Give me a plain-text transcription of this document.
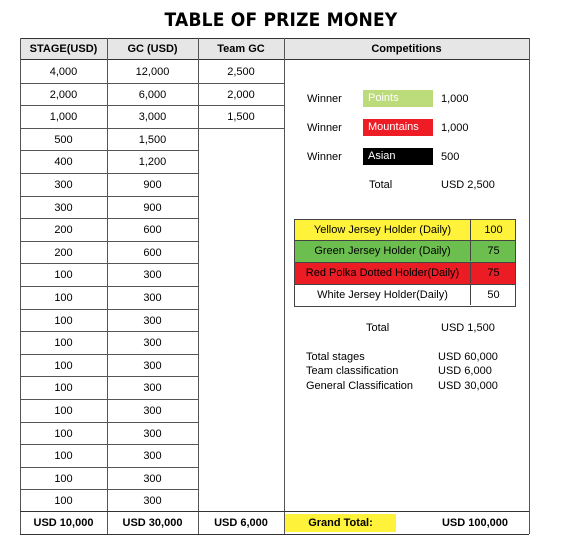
TABLE OF PRIZE MONEY
STAGE(USD)	GC (USD)	Team GC	Competitions
4,000	12,000	2,500
2,000	6,000	2,000
1,000	3,000	1,500
500	1,500
400	1,200
300	900
300	900
200	600
200	600
100	300
100	300
100	300
100	300
100	300
100	300
100	300
100	300
100	300
100	300
100	300
Winner	Points	1,000
Winner	Mountains	1,000
Winner	Asian	500
Total	USD 2,500
Yellow Jersey Holder (Daily)	100
Green Jersey Holder (Daily)	75
Red Polka Dotted Holder(Daily)	75
White Jersey Holder(Daily)	50
Total	USD 1,500
Total stages	USD 60,000
Team classification	USD 6,000
General Classification USD 30,000
USD 10,000	USD 30,000	USD 6,000	Grand Total:	USD 100,000
